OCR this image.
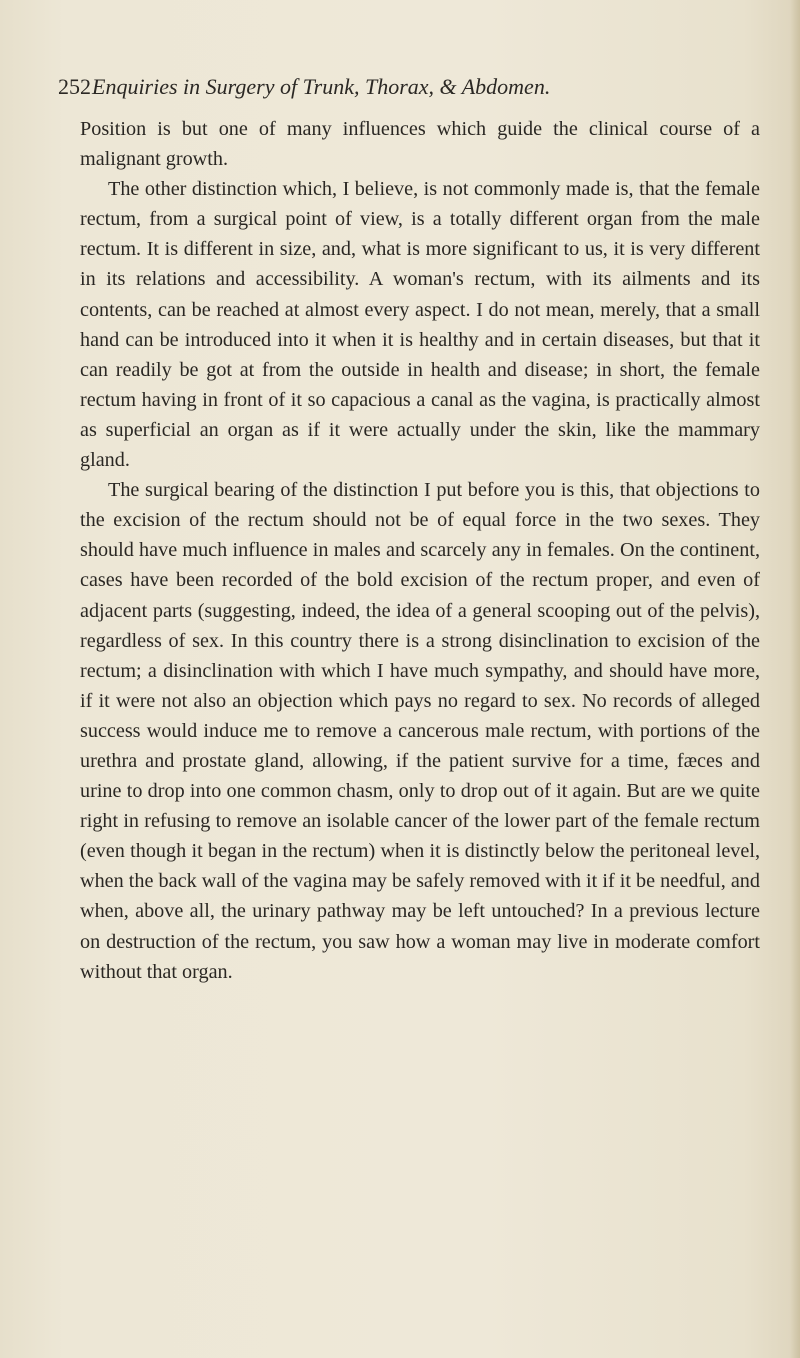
252 Enquiries in Surgery of Trunk, Thorax, & Abdomen.

Position is but one of many influences which guide the clinical course of a malignant growth.

The other distinction which, I believe, is not commonly made is, that the female rectum, from a surgical point of view, is a totally different organ from the male rectum. It is different in size, and, what is more significant to us, it is very different in its relations and accessibility. A woman's rectum, with its ailments and its contents, can be reached at almost every aspect. I do not mean, merely, that a small hand can be introduced into it when it is healthy and in certain diseases, but that it can readily be got at from the outside in health and disease; in short, the female rectum having in front of it so capacious a canal as the vagina, is practically almost as superficial an organ as if it were actually under the skin, like the mammary gland.

The surgical bearing of the distinction I put before you is this, that objections to the excision of the rectum should not be of equal force in the two sexes. They should have much influence in males and scarcely any in females. On the continent, cases have been recorded of the bold excision of the rectum proper, and even of adjacent parts (suggesting, indeed, the idea of a general scooping out of the pelvis), regardless of sex. In this country there is a strong disinclination to excision of the rectum; a disinclination with which I have much sympathy, and should have more, if it were not also an objection which pays no regard to sex. No records of alleged success would induce me to remove a cancerous male rectum, with portions of the urethra and prostate gland, allowing, if the patient survive for a time, fæces and urine to drop into one common chasm, only to drop out of it again. But are we quite right in refusing to remove an isolable cancer of the lower part of the female rectum (even though it began in the rectum) when it is distinctly below the peritoneal level, when the back wall of the vagina may be safely removed with it if it be needful, and when, above all, the urinary pathway may be left untouched? In a previous lecture on destruction of the rectum, you saw how a woman may live in moderate comfort without that organ.
